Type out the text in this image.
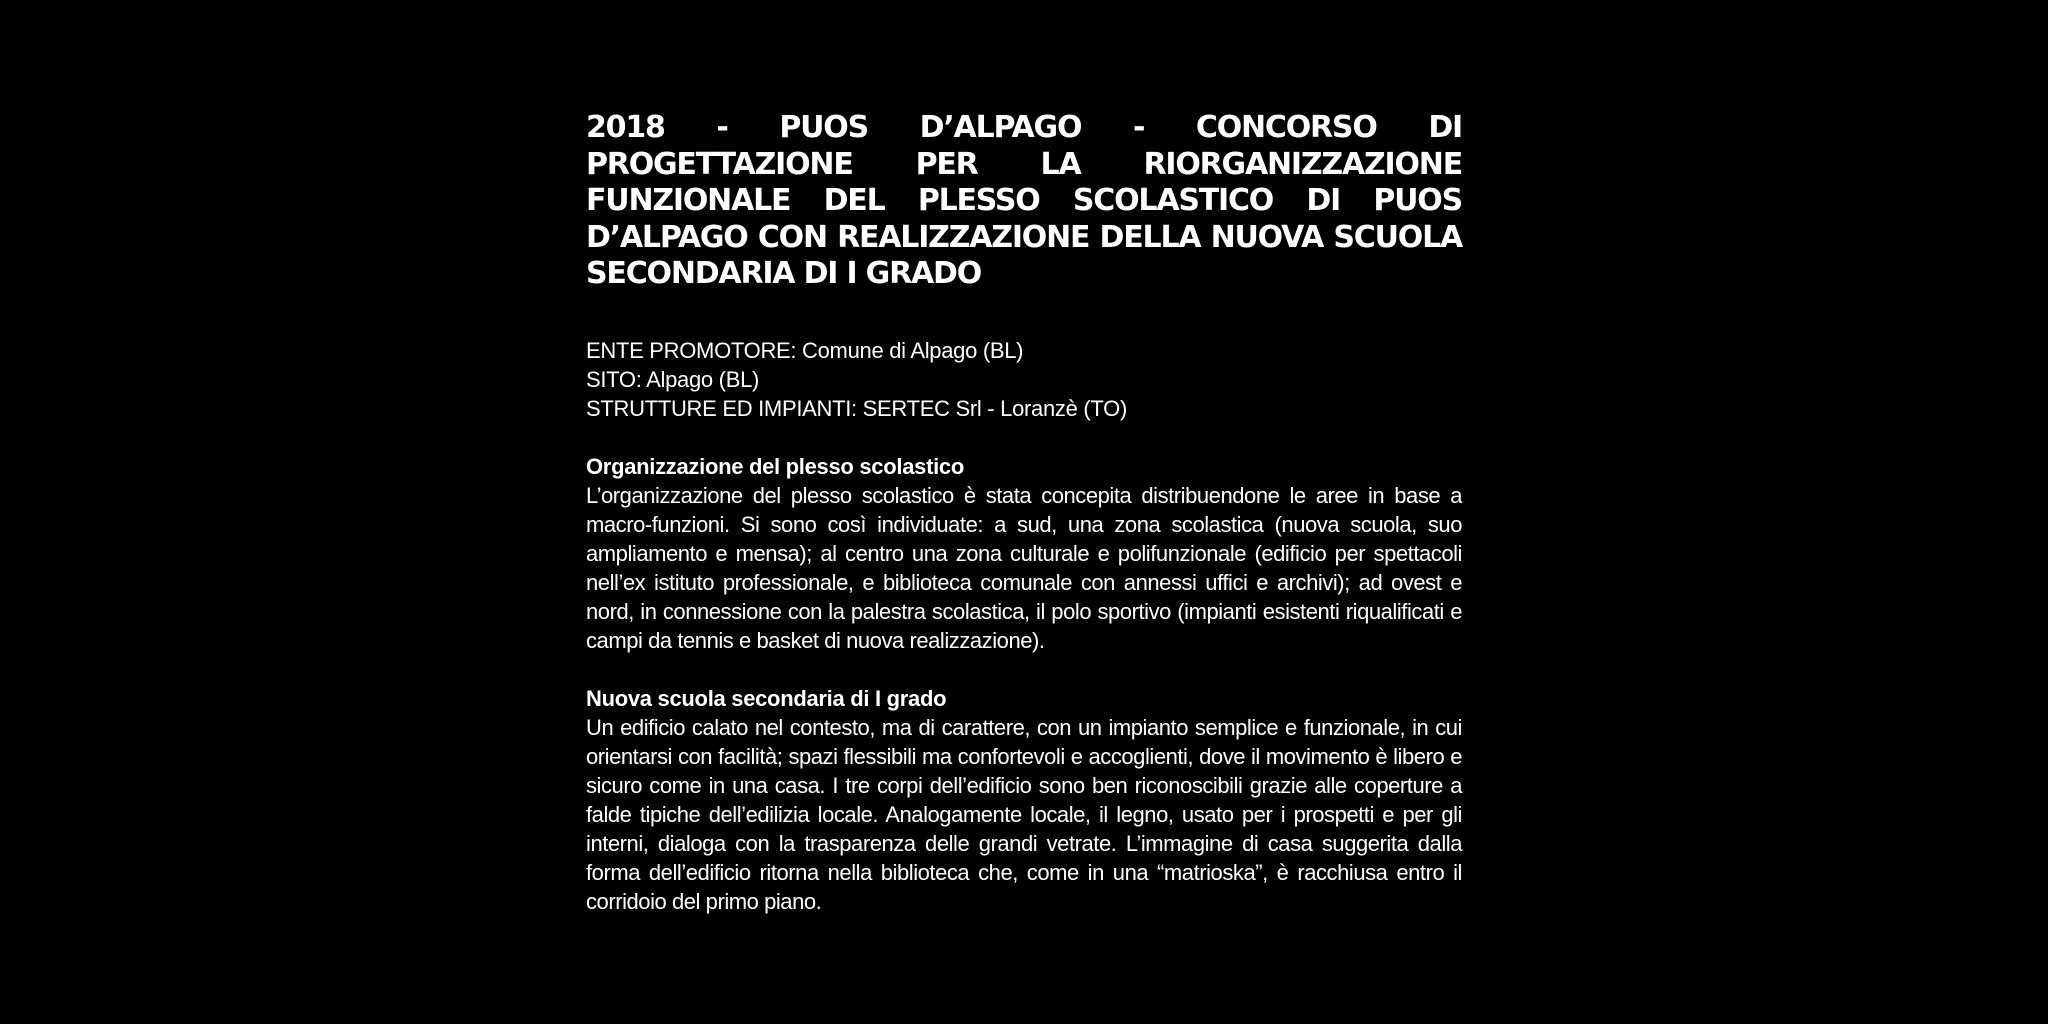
2018 - PUOS D’ALPAGO - CONCORSO DI PROGETTAZIONE PER LA RIORGANIZZAZIONE FUNZIONALE DEL PLESSO SCOLASTICO DI PUOS D’ALPAGO CON REALIZZAZIONE DELLA NUOVA SCUOLA SECONDARIA DI I GRADO
ENTE PROMOTORE: Comune di Alpago (BL)
SITO: Alpago (BL)
STRUTTURE ED IMPIANTI: SERTEC Srl - Loranzè (TO)
Organizzazione del plesso scolastico

L’organizzazione del plesso scolastico è stata concepita distribuendone le aree in base a macro-funzioni. Si sono così individuate: a sud, una zona scolastica (nuova scuola, suo ampliamento e mensa); al centro una zona culturale e polifunzionale (edificio per spettacoli nell’ex istituto professionale, e biblioteca comunale con annessi uffici e archivi); ad ovest e nord, in connessione con la palestra scolastica, il polo sportivo (impianti esistenti riqualificati e campi da tennis e basket di nuova realizzazione).

Nuova scuola secondaria di I grado

Un edificio calato nel contesto, ma di carattere, con un impianto semplice e funzionale, in cui orientarsi con facilità; spazi flessibili ma confortevoli e accoglienti, dove il movimento è libero e sicuro come in una casa. I tre corpi dell’edificio sono ben riconoscibili grazie alle coperture a falde tipiche dell’edilizia locale. Analogamente locale, il legno, usato per i prospetti e per gli interni, dialoga con la trasparenza delle grandi vetrate. L’immagine di casa suggerita dalla forma dell’edificio ritorna nella biblioteca che, come in una “matrioska”, è racchiusa entro il corridoio del primo piano.
